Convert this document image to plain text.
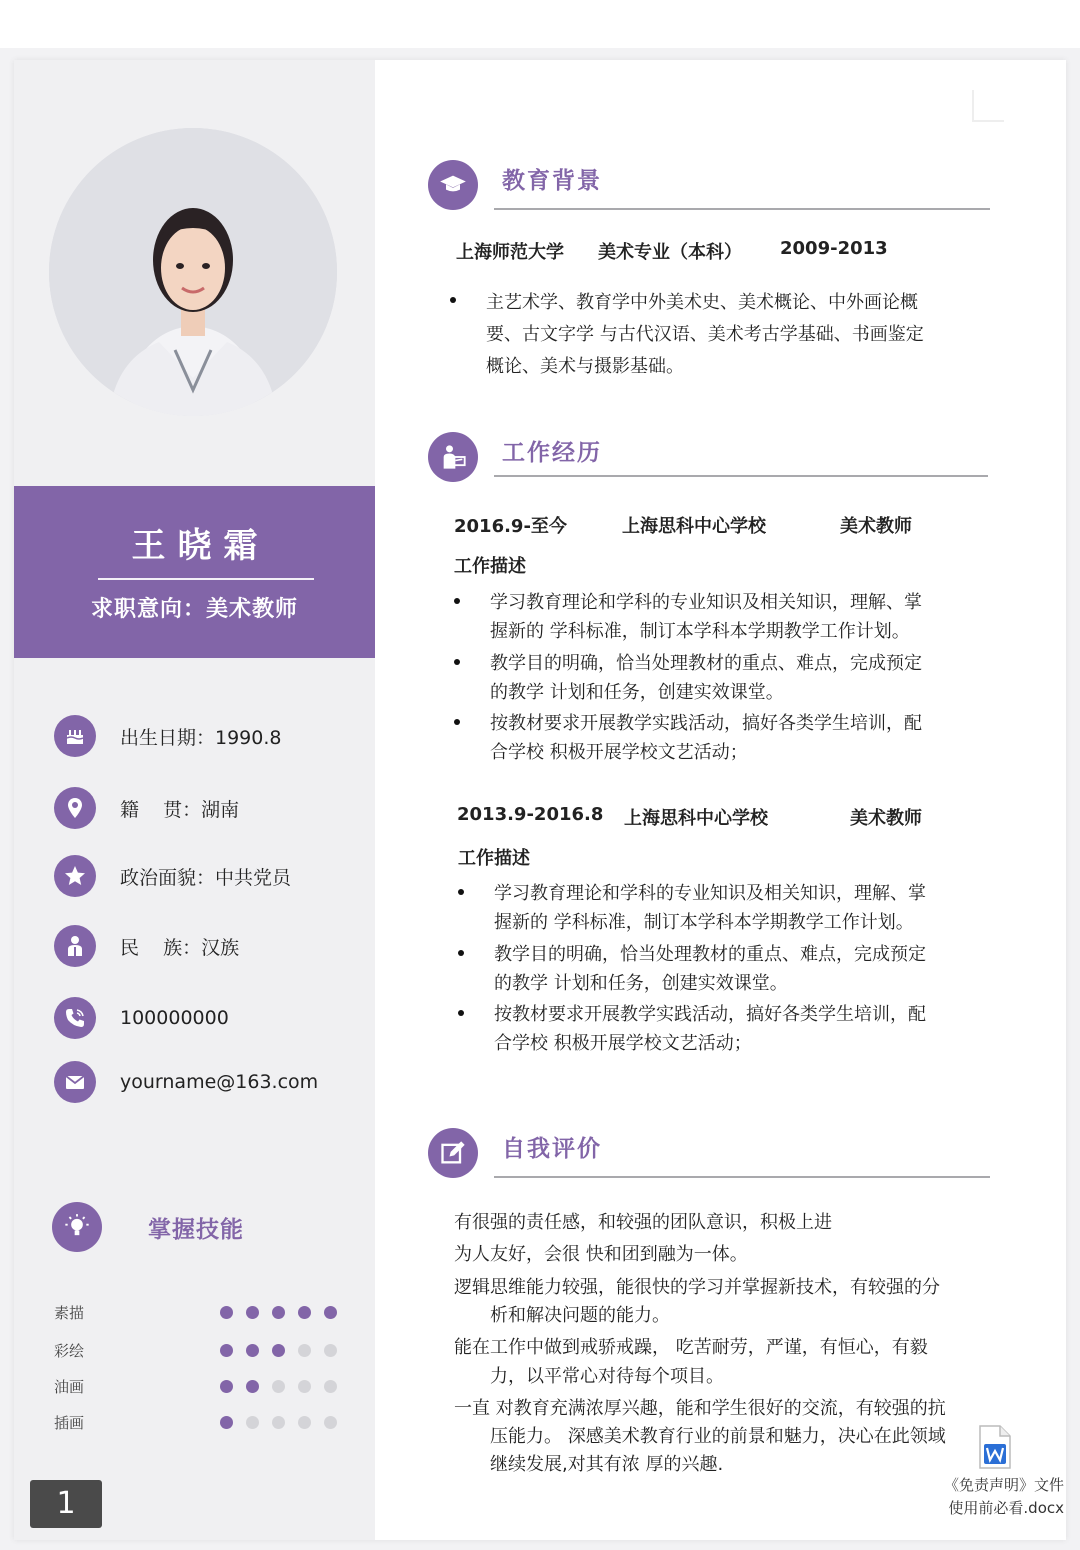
王晓霜
求职意向：美术教师
出生日期：1990.8
籍    贯：湖南
政治面貌：中共党员
民    族：汉族
100000000
yourname@163.com
掌握技能
素描
彩绘
油画
插画
1
教育背景
上海师范大学 美术专业（本科） 2009-2013
主艺术学、教育学中外美术史、美术概论、中外画论概
要、古文字学 与古代汉语、美术考古学基础、书画鉴定
概论、美术与摄影基础。
工作经历
2016.9-至今	上海思科中心学校	美术教师
工作描述
学习教育理论和学科的专业知识及相关知识，理解、掌
握新的 学科标准，制订本学科本学期教学工作计划。
教学目的明确，恰当处理教材的重点、难点，完成预定
的教学 计划和任务，创建实效课堂。
按教材要求开展教学实践活动，搞好各类学生培训，配
合学校 积极开展学校文艺活动；
2013.9-2016.8 上海思科中心学校	美术教师
工作描述
学习教育理论和学科的专业知识及相关知识，理解、掌
握新的 学科标准，制订本学科本学期教学工作计划。
教学目的明确，恰当处理教材的重点、难点，完成预定
的教学 计划和任务，创建实效课堂。
按教材要求开展教学实践活动，搞好各类学生培训，配
合学校 积极开展学校文艺活动；
自我评价
有很强的责任感，和较强的团队意识，积极上进
为人友好，会很 快和团到融为一体。
逻辑思维能力较强，能很快的学习并掌握新技术，有较强的分
析和解决问题的能力。
能在工作中做到戒骄戒躁， 吃苦耐劳，严谨，有恒心，有毅
力，以平常心对待每个项目。
一直 对教育充满浓厚兴趣，能和学生很好的交流，有较强的抗
压能力。 深感美术教育行业的前景和魅力，决心在此领域
继续发展,对其有浓 厚的兴趣.
《免责声明》文件
使用前必看.docx
